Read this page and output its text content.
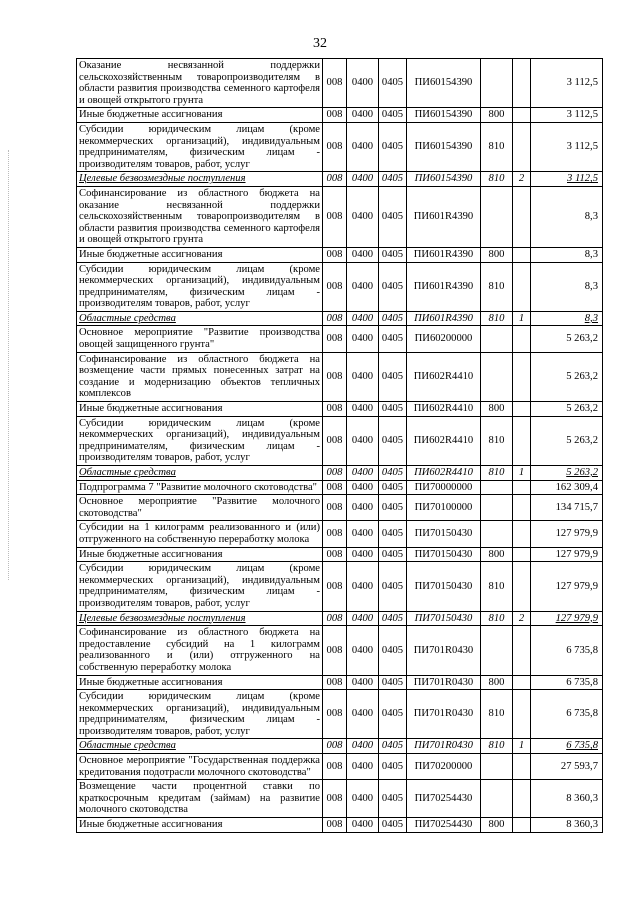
32
Оказание несвязанной поддержки сельскохозяйственным товаропроизводителям в области развития производства семенного картофеля и овощей открытого грунта	008	0400	0405	ПИ60154390			3 112,5
Иные бюджетные ассигнования	008	0400	0405	ПИ60154390	800		3 112,5
Субсидии юридическим лицам (кроме некоммерческих организаций), индивидуальным предпринимателям, физическим лицам - производителям товаров, работ, услуг	008	0400	0405	ПИ60154390	810		3 112,5
Целевые безвозмездные поступления	008	0400	0405	ПИ60154390	810	2	3 112,5
Софинансирование из областного бюджета на оказание несвязанной поддержки сельскохозяйственным товаропроизводителям в области развития производства семенного картофеля и овощей открытого грунта	008	0400	0405	ПИ601R4390			8,3
Иные бюджетные ассигнования	008	0400	0405	ПИ601R4390	800		8,3
Субсидии юридическим лицам (кроме некоммерческих организаций), индивидуальным предпринимателям, физическим лицам - производителям товаров, работ, услуг	008	0400	0405	ПИ601R4390	810		8,3
Областные средства	008	0400	0405	ПИ601R4390	810	1	8,3
Основное мероприятие "Развитие производства овощей защищенного грунта"	008	0400	0405	ПИ60200000			5 263,2
Софинансирование из областного бюджета на возмещение части прямых понесенных затрат на создание и модернизацию объектов тепличных комплексов	008	0400	0405	ПИ602R4410			5 263,2
Иные бюджетные ассигнования	008	0400	0405	ПИ602R4410	800		5 263,2
Субсидии юридическим лицам (кроме некоммерческих организаций), индивидуальным предпринимателям, физическим лицам - производителям товаров, работ, услуг	008	0400	0405	ПИ602R4410	810		5 263,2
Областные средства	008	0400	0405	ПИ602R4410	810	1	5 263,2
Подпрограмма 7 "Развитие молочного скотоводства"	008	0400	0405	ПИ70000000			162 309,4
Основное мероприятие "Развитие молочного скотоводства"	008	0400	0405	ПИ70100000			134 715,7
Субсидии на 1 килограмм реализованного и (или) отгруженного на собственную переработку молока	008	0400	0405	ПИ70150430			127 979,9
Иные бюджетные ассигнования	008	0400	0405	ПИ70150430	800		127 979,9
Субсидии юридическим лицам (кроме некоммерческих организаций), индивидуальным предпринимателям, физическим лицам - производителям товаров, работ, услуг	008	0400	0405	ПИ70150430	810		127 979,9
Целевые безвозмездные поступления	008	0400	0405	ПИ70150430	810	2	127 979,9
Софинансирование из областного бюджета на предоставление субсидий на 1 килограмм реализованного и (или) отгруженного на собственную переработку молока	008	0400	0405	ПИ701R0430			6 735,8
Иные бюджетные ассигнования	008	0400	0405	ПИ701R0430	800		6 735,8
Субсидии юридическим лицам (кроме некоммерческих организаций), индивидуальным предпринимателям, физическим лицам - производителям товаров, работ, услуг	008	0400	0405	ПИ701R0430	810		6 735,8
Областные средства	008	0400	0405	ПИ701R0430	810	1	6 735,8
Основное мероприятие "Государственная поддержка кредитования подотрасли молочного скотоводства"	008	0400	0405	ПИ70200000			27 593,7
Возмещение части процентной ставки по краткосрочным кредитам (займам) на развитие молочного скотоводства	008	0400	0405	ПИ70254430			8 360,3
Иные бюджетные ассигнования	008	0400	0405	ПИ70254430	800		8 360,3
